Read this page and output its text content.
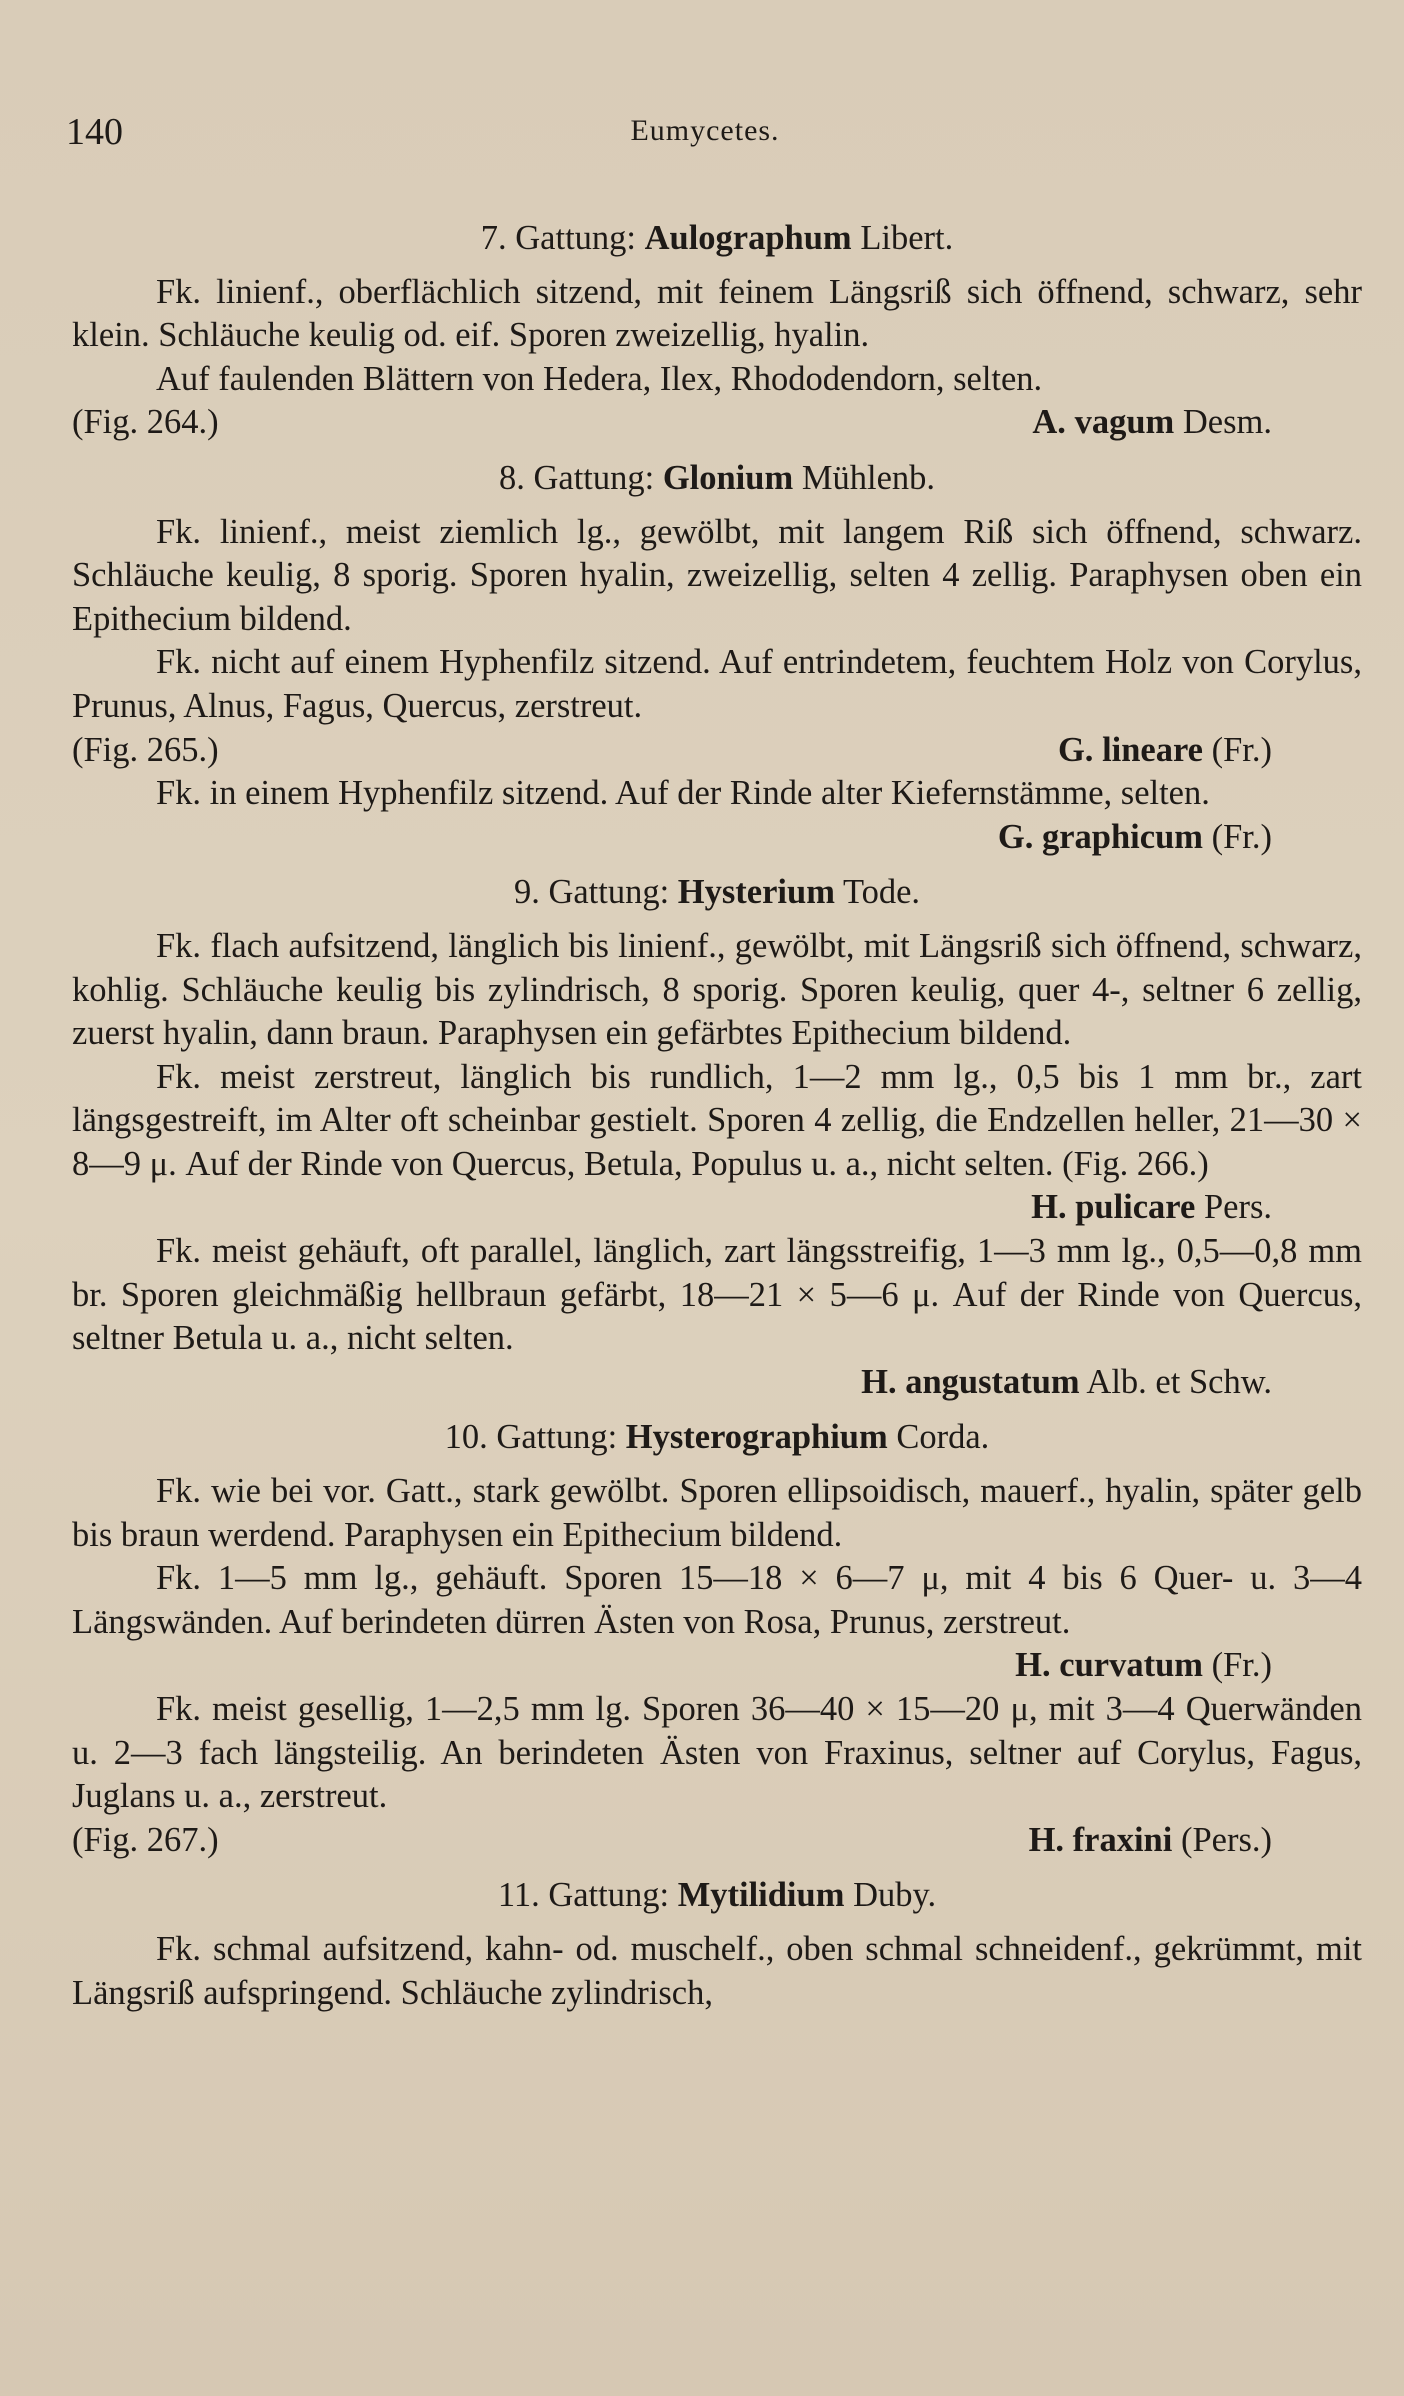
140	Eumycetes.
7. Gattung: Aulographum Libert.

Fk. linienf., oberflächlich sitzend, mit feinem Längsriß sich öffnend, schwarz, sehr klein. Schläuche keulig od. eif. Sporen zweizellig, hyalin.

Auf faulenden Blättern von Hedera, Ilex, Rhododendorn, selten.

(Fig. 264.)	A. vagum Desm.
8. Gattung: Glonium Mühlenb.

Fk. linienf., meist ziemlich lg., gewölbt, mit langem Riß sich öffnend, schwarz. Schläuche keulig, 8 sporig. Sporen hyalin, zweizellig, selten 4 zellig. Paraphysen oben ein Epithecium bildend.

Fk. nicht auf einem Hyphenfilz sitzend. Auf entrindetem, feuchtem Holz von Corylus, Prunus, Alnus, Fagus, Quercus, zerstreut.

(Fig. 265.)	G. lineare (Fr.)

Fk. in einem Hyphenfilz sitzend. Auf der Rinde alter Kiefernstämme, selten.

G. graphicum (Fr.)

9. Gattung: Hysterium Tode.

Fk. flach aufsitzend, länglich bis linienf., gewölbt, mit Längsriß sich öffnend, schwarz, kohlig. Schläuche keulig bis zylindrisch, 8 sporig. Sporen keulig, quer 4-, seltner 6 zellig, zuerst hyalin, dann braun. Paraphysen ein gefärbtes Epithecium bildend.

Fk. meist zerstreut, länglich bis rundlich, 1—2 mm lg., 0,5 bis 1 mm br., zart längsgestreift, im Alter oft scheinbar gestielt. Sporen 4 zellig, die Endzellen heller, 21—30 × 8—9 μ. Auf der Rinde von Quercus, Betula, Populus u. a., nicht selten. (Fig. 266.)

H. pulicare Pers.

Fk. meist gehäuft, oft parallel, länglich, zart längsstreifig, 1—3 mm lg., 0,5—0,8 mm br. Sporen gleichmäßig hellbraun gefärbt, 18—21 × 5—6 μ. Auf der Rinde von Quercus, seltner Betula u. a., nicht selten.

H. angustatum Alb. et Schw.

10. Gattung: Hysterographium Corda.

Fk. wie bei vor. Gatt., stark gewölbt. Sporen ellipsoidisch, mauerf., hyalin, später gelb bis braun werdend. Paraphysen ein Epithecium bildend.

Fk. 1—5 mm lg., gehäuft. Sporen 15—18 × 6—7 μ, mit 4 bis 6 Quer- u. 3—4 Längswänden. Auf berindeten dürren Ästen von Rosa, Prunus, zerstreut.

H. curvatum (Fr.)

Fk. meist gesellig, 1—2,5 mm lg. Sporen 36—40 × 15—20 μ, mit 3—4 Querwänden u. 2—3 fach längsteilig. An berindeten Ästen von Fraxinus, seltner auf Corylus, Fagus, Juglans u. a., zerstreut.

(Fig. 267.)	H. fraxini (Pers.)
11. Gattung: Mytilidium Duby.

Fk. schmal aufsitzend, kahn- od. muschelf., oben schmal schneidenf., gekrümmt, mit Längsriß aufspringend. Schläuche zylindrisch,
